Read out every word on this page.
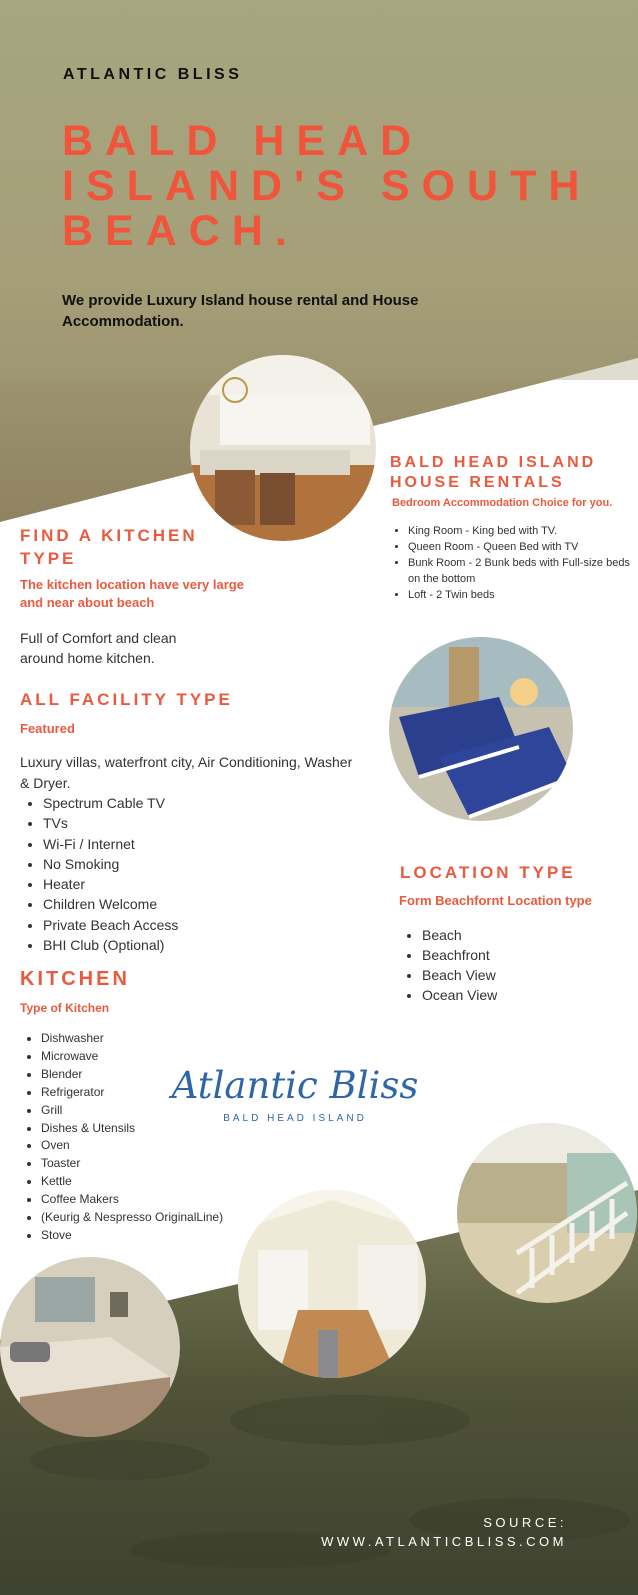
ATLANTIC BLISS
BALD HEAD ISLAND'S SOUTH BEACH.
We provide Luxury Island house rental and House Accommodation.
BALD HEAD ISLAND HOUSE RENTALS
Bedroom Accommodation Choice for you.
• King Room - King bed with TV.
• Queen Room - Queen Bed with TV
• Bunk Room - 2 Bunk beds with Full-size beds on the bottom
• Loft - 2 Twin beds
FIND A KITCHEN TYPE
The kitchen location have very large and near about beach
Full of Comfort and clean around home kitchen.
ALL FACILITY TYPE
Featured
Luxury villas, waterfront city, Air Conditioning, Washer & Dryer.
• Spectrum Cable TV
• TVs
• Wi-Fi / Internet
• No Smoking
• Heater
• Children Welcome
• Private Beach Access
• BHI Club (Optional)
LOCATION TYPE
Form Beachfornt Location type
• Beach
• Beachfront
• Beach View
• Ocean View
KITCHEN
Type of Kitchen
• Dishwasher
• Microwave
• Blender
• Refrigerator
• Grill
• Dishes & Utensils
• Oven
• Toaster
• Kettle
• Coffee Makers
• (Keurig & Nespresso OriginalLine)
• Stove
Atlantic Bliss
BALD HEAD ISLAND
SOURCE:
WWW.ATLANTICBLISS.COM
